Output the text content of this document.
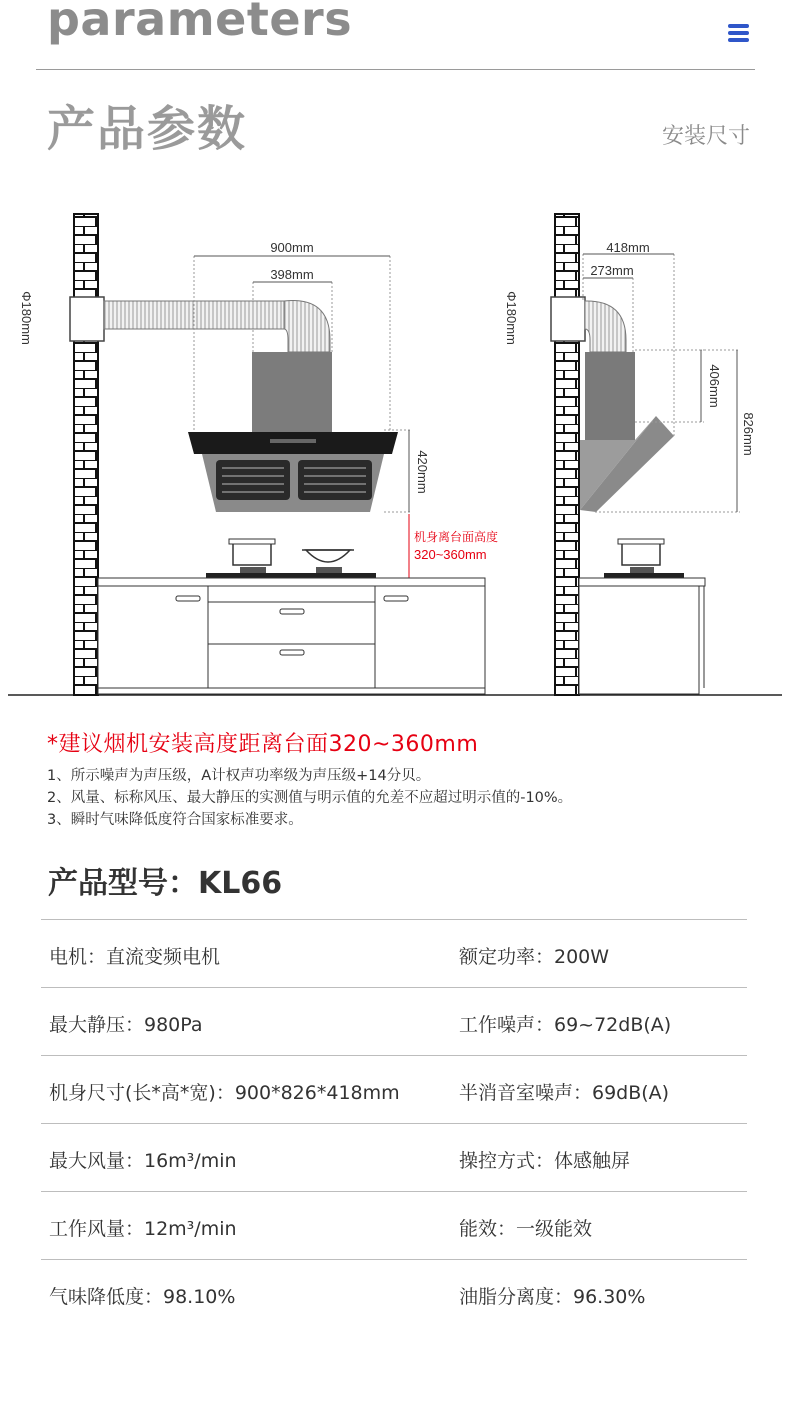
parameters
产品参数	安装尺寸
900mm
398mm
Φ180mm
420mm
机身离台面高度
320~360mm
418mm
273mm
Φ180mm
406mm
826mm
*建议烟机安装高度距离台面320~360mm
1、所示噪声为声压级，A计权声功率级为声压级+14分贝。
2、风量、标称风压、最大静压的实测值与明示值的允差不应超过明示值的-10%。
3、瞬时气味降低度符合国家标准要求。
产品型号：KL66
电机：直流变频电机	额定功率：200W
最大静压：980Pa	工作噪声：69~72dB(A)
机身尺寸(长*高*宽)：900*826*418mm	半消音室噪声：69dB(A)
最大风量：16m³/min	操控方式：体感触屏
工作风量：12m³/min	能效：一级能效
气味降低度：98.10%	油脂分离度：96.30%
